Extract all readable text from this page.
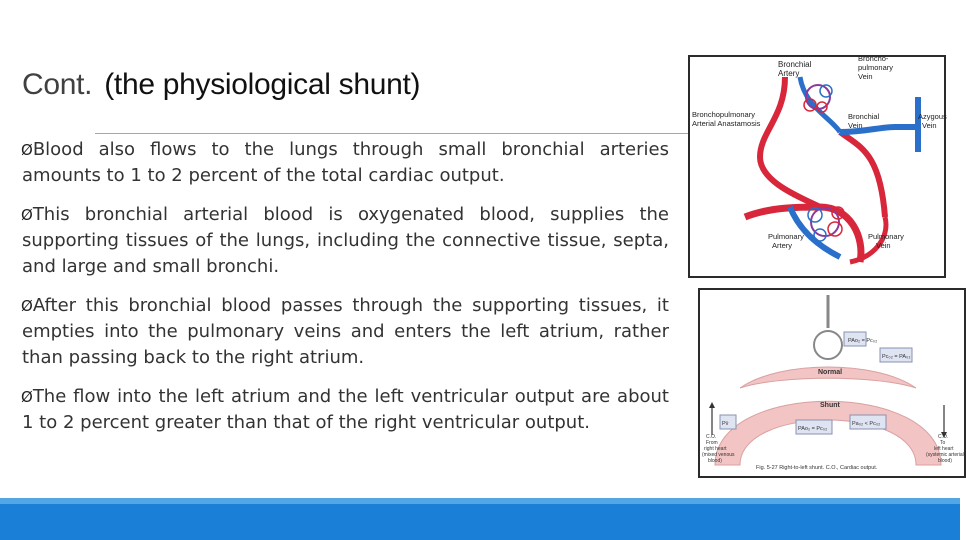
Cont. (the physiological shunt)

ØBlood also flows to the lungs through small bronchial arteries amounts to 1 to 2 percent of the total cardiac output.

ØThis bronchial arterial blood is oxygenated blood, supplies the supporting tissues of the lungs, including the connective tissue, septa, and large and small bronchi.

ØAfter this bronchial blood passes through the supporting tissues, it empties into the pulmonary veins and enters the left atrium, rather than passing back to the right atrium.

ØThe flow into the left atrium and the left ventricular output are about 1 to 2 percent greater than that of the right ventricular output.

Bronchial Artery
Broncho- pulmonary Vein
Bronchopulmonary Arterial Anastamosis
Bronchial Vein
Azygous Vein
Pulmonary Artery
Pulmonary Vein
Normal
Shunt
PAo₂ = Pc₀₂
Pc₀₂ = PA₀₂
Pv̄
PAo₂ = Pc₀₂
Pa₀₂ < Pc₀₂
C.O. From right heart (mixed venous blood)
C.O. To left heart (systemic arterial blood)
Fig. 5-27 Right-to-left shunt. C.O., Cardiac output.
